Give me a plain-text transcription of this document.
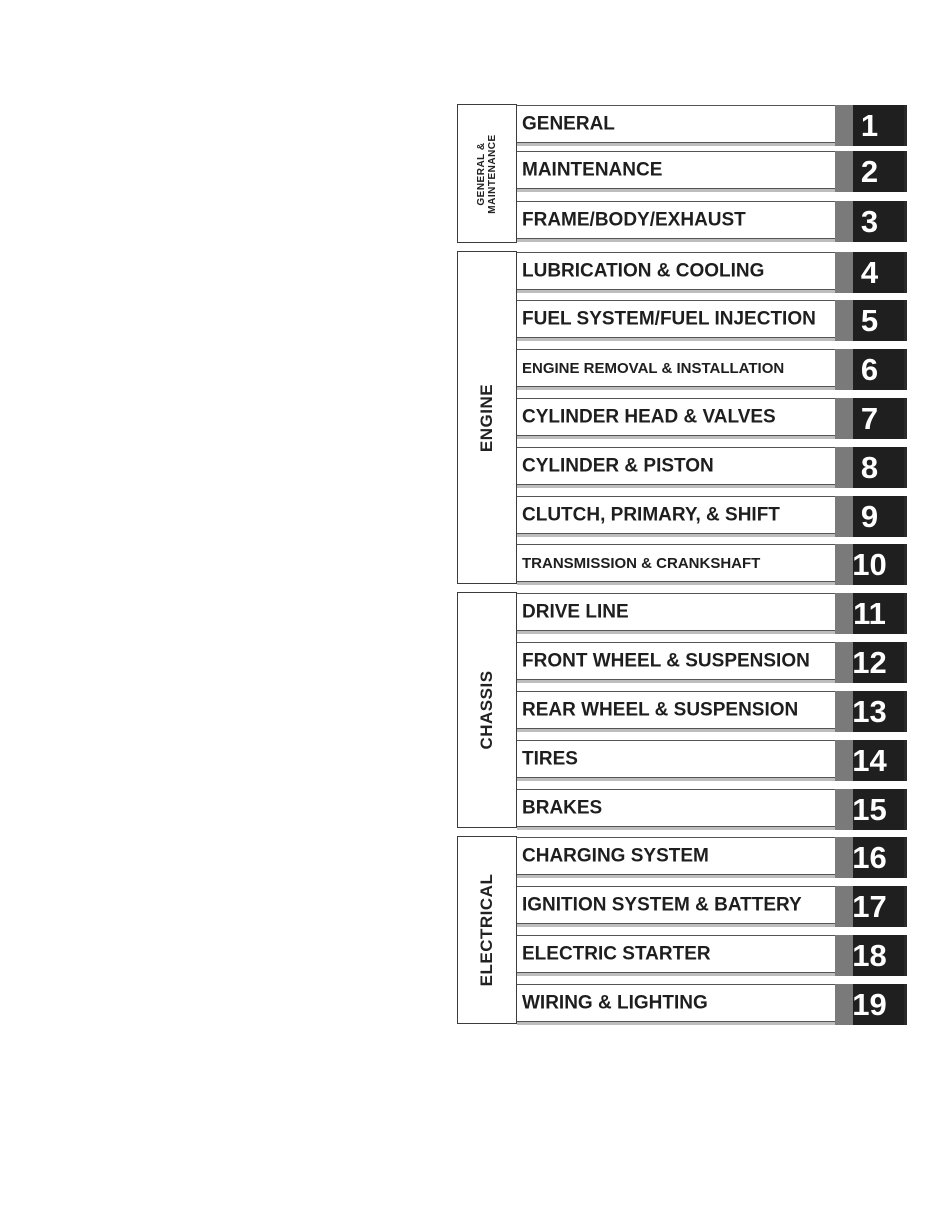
GENERAL &
MAINTENANCE
GENERAL	1
MAINTENANCE	2
FRAME/BODY/EXHAUST	3
ENGINE
LUBRICATION & COOLING	4
FUEL SYSTEM/FUEL INJECTION	5
ENGINE REMOVAL & INSTALLATION	6
CYLINDER HEAD & VALVES	7
CYLINDER & PISTON	8
CLUTCH, PRIMARY, & SHIFT	9
TRANSMISSION & CRANKSHAFT	10
CHASSIS
DRIVE LINE	11
FRONT WHEEL & SUSPENSION	12
REAR WHEEL & SUSPENSION	13
TIRES	14
BRAKES	15
ELECTRICAL
CHARGING SYSTEM	16
IGNITION SYSTEM & BATTERY	17
ELECTRIC STARTER	18
WIRING & LIGHTING	19
